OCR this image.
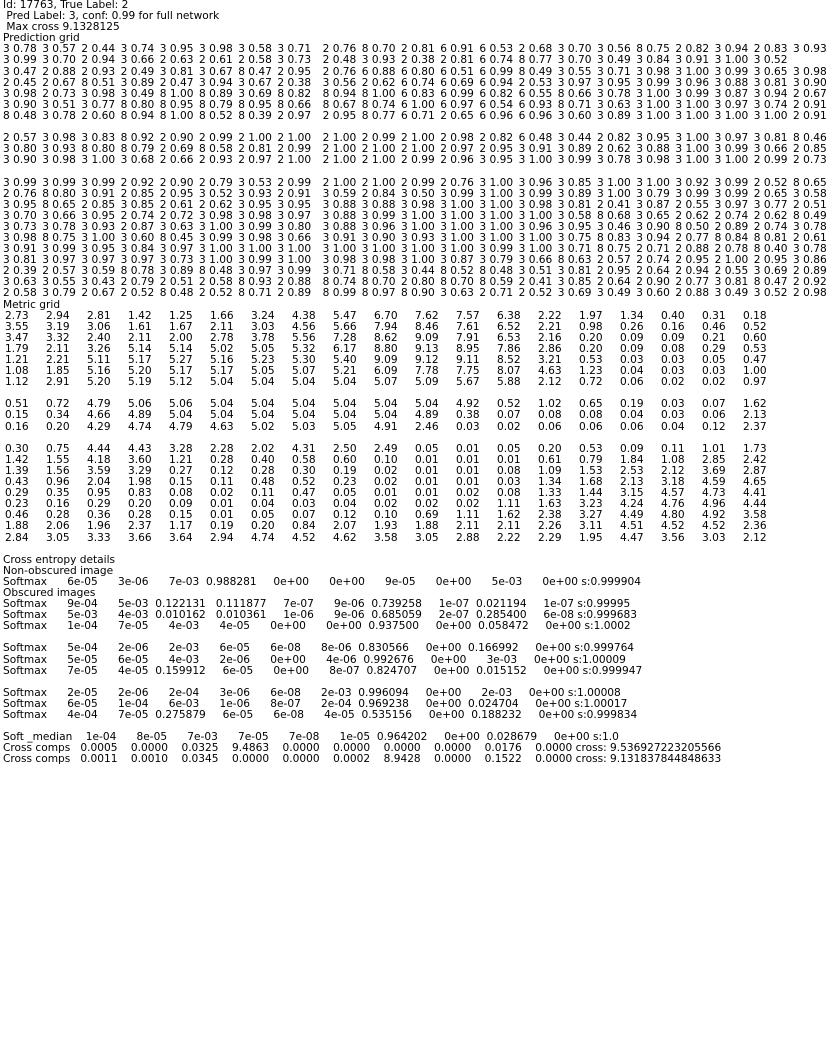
Id: 17763, True Label: 2
Pred Label: 3, conf: 0.99 for full network
Max cross 9.1328125
Prediction grid
3 0.78 3 0.57 2 0.44 3 0.74 3 0.95 3 0.98 3 0.58 3 0.71 2 0.76 8 0.70 2 0.81 6 0.91 6 0.53 2 0.68 3 0.70 3 0.56 8 0.75 2 0.82 3 0.94 2 0.83 3 0.93
3 0.99 3 0.70 2 0.94 3 0.66 2 0.63 2 0.61 2 0.58 3 0.73 2 0.48 3 0.93 2 0.38 2 0.81 6 0.74 8 0.77 3 0.70 3 0.49 3 0.84 3 0.91 3 1.00 3 0.52
3 0.47 2 0.88 2 0.93 2 0.49 3 0.81 3 0.67 8 0.47 2 0.95 2 0.76 6 0.88 6 0.80 6 0.51 6 0.99 8 0.49 3 0.55 3 0.71 3 0.98 3 1.00 3 0.99 3 0.65 3 0.98
2 0.45 2 0.67 8 0.51 3 0.89 2 0.47 3 0.94 3 0.67 2 0.38 3 0.56 2 0.62 6 0.74 6 0.69 6 0.94 2 0.53 3 0.97 3 0.95 3 0.99 3 0.96 3 0.88 3 0.81 3 0.90
3 0.98 2 0.73 3 0.98 3 0.49 8 1.00 8 0.89 3 0.69 8 0.82 8 0.94 8 1.00 6 0.83 6 0.99 6 0.82 6 0.55 8 0.66 3 0.78 3 1.00 3 0.99 3 0.87 3 0.94 2 0.67
3 0.90 3 0.51 3 0.77 8 0.80 8 0.95 8 0.79 8 0.95 8 0.66 8 0.67 8 0.74 6 1.00 6 0.97 6 0.54 6 0.93 8 0.71 3 0.63 3 1.00 3 1.00 3 0.97 3 0.74 2 0.91
8 0.48 3 0.78 2 0.60 8 0.94 8 1.00 8 0.52 8 0.39 2 0.97 2 0.95 8 0.77 6 0.71 2 0.65 6 0.96 6 0.96 3 0.60 3 0.89 3 1.00 3 1.00 3 1.00 3 1.00 2 0.91
2 0.57 3 0.98 3 0.83 8 0.92 2 0.90 2 0.99 2 1.00 2 1.00 2 1.00 2 0.99 2 1.00 2 0.98 2 0.82 6 0.48 3 0.44 2 0.82 3 0.95 3 1.00 3 0.97 3 0.81 8 0.46
3 0.80 3 0.93 8 0.80 8 0.79 2 0.69 8 0.58 2 0.81 2 0.99 2 1.00 2 1.00 2 1.00 2 0.97 2 0.95 3 0.91 3 0.89 2 0.62 3 0.88 3 1.00 3 0.99 3 0.66 2 0.85
3 0.90 3 0.98 3 1.00 3 0.68 2 0.66 2 0.93 2 0.97 2 1.00 2 1.00 2 1.00 2 0.99 2 0.96 3 0.95 3 1.00 3 0.99 3 0.78 3 0.98 3 1.00 3 1.00 2 0.99 2 0.73
3 0.99 3 0.99 3 0.99 2 0.92 2 0.90 2 0.79 3 0.53 2 0.99 2 1.00 2 1.00 2 0.99 2 0.76 3 1.00 3 0.96 3 0.85 3 1.00 3 1.00 3 0.92 3 0.99 2 0.52 8 0.65
2 0.76 8 0.80 3 0.91 2 0.85 2 0.95 3 0.52 3 0.93 2 0.91 3 0.59 2 0.84 3 0.50 3 0.99 3 1.00 3 0.99 3 0.89 3 1.00 3 0.79 3 0.99 3 0.99 2 0.65 3 0.58
3 0.95 8 0.65 2 0.85 3 0.85 2 0.61 2 0.62 3 0.95 3 0.95 3 0.88 3 0.88 3 0.98 3 1.00 3 1.00 3 0.98 3 0.81 2 0.41 3 0.87 2 0.55 3 0.97 3 0.77 2 0.51
3 0.70 3 0.66 3 0.95 2 0.74 2 0.72 3 0.98 3 0.98 3 0.97 3 0.88 3 0.99 3 1.00 3 1.00 3 1.00 3 1.00 3 0.58 8 0.68 3 0.65 2 0.62 2 0.74 2 0.62 8 0.49
3 0.73 3 0.78 3 0.93 2 0.87 3 0.63 3 1.00 3 0.99 3 0.80 3 0.88 3 0.96 3 1.00 3 1.00 3 1.00 3 0.96 3 0.95 3 0.46 3 0.90 8 0.50 2 0.89 2 0.74 3 0.78
3 0.98 8 0.75 3 1.00 3 0.60 8 0.45 3 0.99 3 0.98 3 0.66 3 0.91 3 0.90 3 0.93 3 1.00 3 1.00 3 1.00 3 0.75 8 0.83 3 0.94 2 0.77 8 0.84 8 0.81 2 0.61
3 0.91 3 0.99 3 0.95 3 0.84 3 0.97 3 1.00 3 1.00 3 1.00 3 1.00 3 1.00 3 1.00 3 1.00 3 0.99 3 1.00 3 0.71 8 0.75 2 0.71 2 0.88 2 0.78 8 0.40 3 0.78
3 0.81 3 0.97 3 0.97 3 0.97 3 0.73 3 1.00 3 0.99 3 1.00 3 0.98 3 0.98 3 1.00 3 0.87 3 0.79 3 0.66 8 0.63 2 0.57 2 0.74 2 0.95 2 1.00 2 0.95 3 0.86
2 0.39 2 0.57 3 0.59 8 0.78 3 0.89 8 0.48 3 0.97 3 0.99 3 0.71 8 0.58 3 0.44 8 0.52 8 0.48 3 0.51 3 0.81 2 0.95 2 0.64 2 0.94 2 0.55 3 0.69 2 0.89
3 0.63 3 0.55 3 0.43 2 0.79 2 0.51 2 0.58 8 0.93 2 0.88 8 0.74 8 0.70 2 0.80 8 0.70 8 0.59 2 0.41 3 0.85 2 0.64 2 0.90 2 0.77 3 0.81 8 0.47 2 0.92
2 0.58 3 0.79 2 0.67 2 0.52 8 0.48 2 0.52 8 0.71 2 0.89 8 0.99 8 0.97 8 0.90 3 0.63 2 0.71 2 0.52 3 0.69 3 0.49 3 0.60 2 0.88 3 0.49 3 0.52 2 0.98
Metric grid
2.73 2.94 2.81 1.42 1.25 1.66 3.24 4.38 5.47 6.70 7.62 7.57 6.38 2.22 1.97 1.34 0.40 0.31 0.18
3.55 3.19 3.06 1.61 1.67 2.11 3.03 4.56 5.66 7.94 8.46 7.61 6.52 2.21 0.98 0.26 0.16 0.46 0.52
3.47 3.32 2.40 2.11 2.00 2.78 3.78 5.56 7.28 8.62 9.09 7.91 6.53 2.16 0.20 0.09 0.09 0.21 0.60
1.79 2.11 3.26 5.14 5.14 5.02 5.05 5.32 6.17 8.80 9.13 8.95 7.86 2.86 0.20 0.09 0.08 0.29 0.53
1.21 2.21 5.11 5.17 5.27 5.16 5.23 5.30 5.40 9.09 9.12 9.11 8.52 3.21 0.53 0.03 0.03 0.05 0.47
1.08 1.85 5.16 5.20 5.17 5.17 5.05 5.07 5.21 6.09 7.78 7.75 8.07 4.63 1.23 0.04 0.03 0.03 1.00
1.12 2.91 5.20 5.19 5.12 5.04 5.04 5.04 5.04 5.07 5.09 5.67 5.88 2.12 0.72 0.06 0.02 0.02 0.97
0.51 0.72 4.79 5.06 5.06 5.04 5.04 5.04 5.04 5.04 5.04 4.92 0.52 1.02 0.65 0.19 0.03 0.07 1.62
0.15 0.34 4.66 4.89 5.04 5.04 5.04 5.04 5.04 5.04 4.89 0.38 0.07 0.08 0.08 0.04 0.03 0.06 2.13
0.16 0.20 4.29 4.74 4.79 4.63 5.02 5.03 5.05 4.91 2.46 0.03 0.02 0.06 0.06 0.06 0.04 0.12 2.37
0.30 0.75 4.44 4.43 3.28 2.28 2.02 4.31 2.50 2.49 0.05 0.01 0.05 0.20 0.53 0.09 0.11 1.01 1.73
1.42 1.55 4.18 3.60 1.21 0.28 0.40 0.58 0.60 0.10 0.01 0.01 0.01 0.61 0.79 1.84 1.08 2.85 2.42
1.39 1.56 3.59 3.29 0.27 0.12 0.28 0.30 0.19 0.02 0.01 0.01 0.08 1.09 1.53 2.53 2.12 3.69 2.87
0.43 0.96 2.04 1.98 0.15 0.11 0.48 0.52 0.23 0.02 0.01 0.01 0.03 1.34 1.68 2.13 3.18 4.59 4.65
0.29 0.35 0.95 0.83 0.08 0.02 0.11 0.47 0.05 0.01 0.01 0.02 0.08 1.33 1.44 3.15 4.57 4.73 4.41
0.23 0.16 0.29 0.20 0.09 0.01 0.04 0.03 0.04 0.02 0.02 0.02 1.11 1.63 3.23 4.24 4.76 4.96 4.44
0.46 0.28 0.36 0.28 0.15 0.01 0.05 0.07 0.12 0.10 0.69 1.11 1.62 2.38 3.27 4.49 4.80 4.92 3.58
1.88 2.06 1.96 2.37 1.17 0.19 0.20 0.84 2.07 1.93 1.88 2.11 2.11 2.26 3.11 4.51 4.52 4.52 2.36
2.84 3.05 3.33 3.66 3.64 2.94 4.74 4.52 4.62 3.58 3.05 2.88 2.22 2.29 1.95 4.47 3.56 3.03 2.12
Cross entropy details
Non-obscured image
Softmax      6e-05      3e-06      7e-03  0.988281     0e+00      0e+00      9e-05      0e+00      5e-03      0e+00 s:0.999904
Obscured images
Softmax      9e-04      5e-03  0.122131   0.111877     7e-07      9e-06  0.739258     1e-07  0.021194     1e-07 s:0.99995
Softmax      5e-03      4e-03  0.010162   0.010361     1e-06      9e-06  0.685059     2e-07  0.285400     6e-08 s:0.999683
Softmax      1e-04      7e-05      4e-03      4e-05      0e+00      0e+00  0.937500     0e+00  0.058472     0e+00 s:1.0002
Softmax      5e-04      2e-06      2e-03      6e-05      6e-08      8e-06  0.830566     0e+00  0.166992     0e+00 s:0.999764
Softmax      5e-05      6e-05      4e-03      2e-06      0e+00      4e-06  0.992676     0e+00      3e-03     0e+00 s:1.00009
Softmax      7e-05      4e-05  0.159912     6e-05      0e+00      8e-07  0.824707     0e+00  0.015152     0e+00 s:0.999947
Softmax      2e-05      2e-06      2e-04      3e-06      6e-08      2e-03  0.996094     0e+00      2e-03     0e+00 s:1.00008
Softmax      6e-05      1e-04      6e-03      1e-06      8e-07      2e-04  0.969238     0e+00  0.024704     0e+00 s:1.00017
Softmax      4e-04      7e-05  0.275879     6e-05      6e-08      4e-05  0.535156     0e+00  0.188232     0e+00 s:0.999834
Soft _median    1e-04      8e-05      7e-03      7e-05      7e-08      1e-05  0.964202     0e+00  0.028679     0e+00 s:1.0
Cross comps   0.0005    0.0000    0.0325    9.4863    0.0000    0.0000    0.0000    0.0000    0.0176    0.0000 cross: 9.536927223205566
Cross comps   0.0011    0.0010    0.0345    0.0000    0.0000    0.0002    8.9428    0.0000    0.1522    0.0000 cross: 9.131837844848633
